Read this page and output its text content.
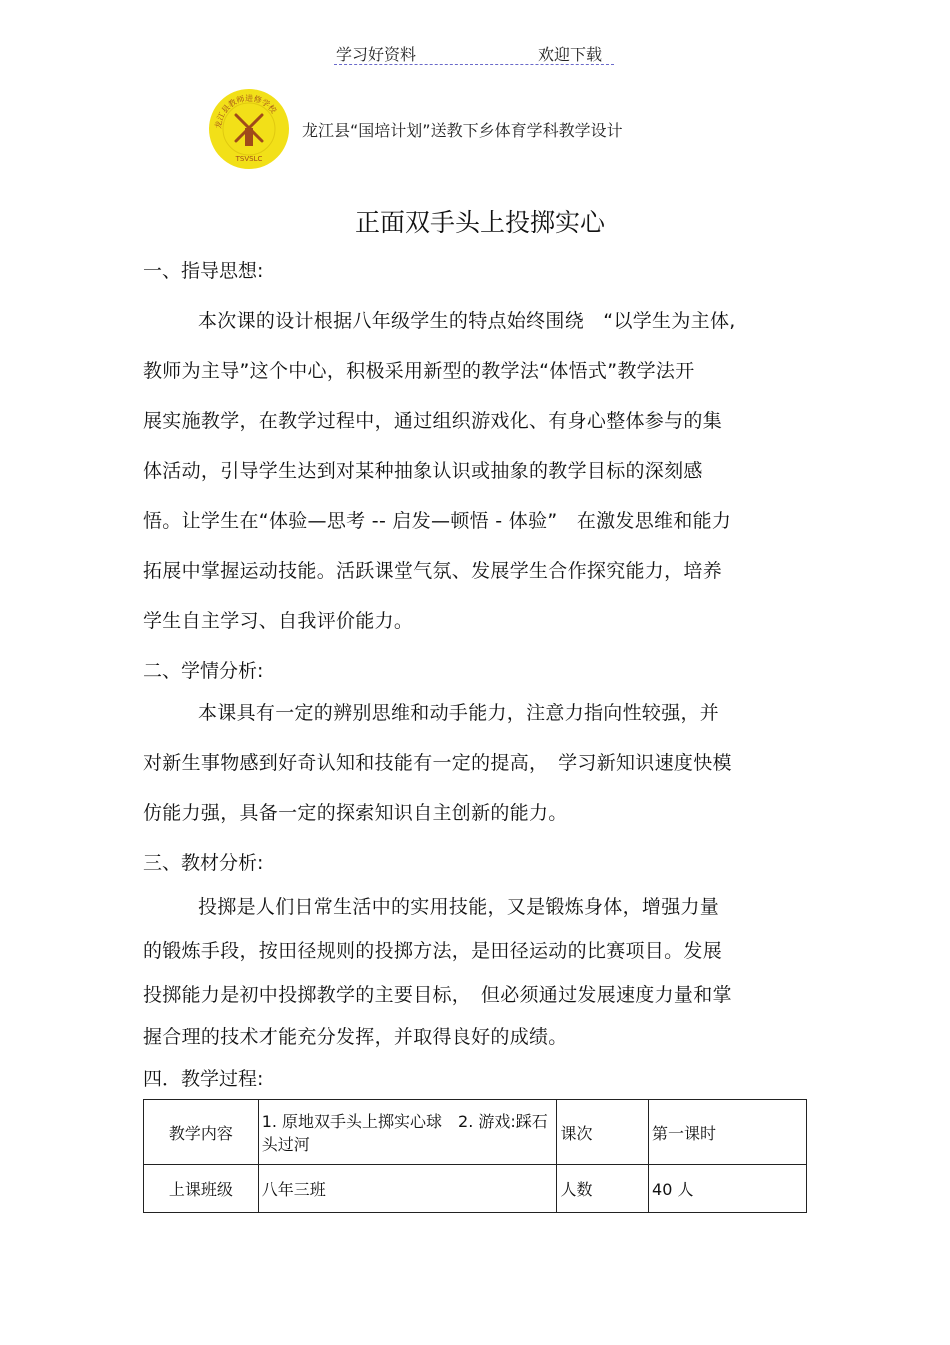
学习好资料	欢迎下载
龙江县教师进修学校
TSVSLC
龙江县“国培计划”送教下乡体育学科教学设计
正面双手头上投掷实心
一、指导思想:
本次课的设计根据八年级学生的特点始终围绕　“以学生为主体,
教师为主导”这个中心，积极采用新型的教学法“体悟式”教学法开
展实施教学，在教学过程中，通过组织游戏化、有身心整体参与的集
体活动，引导学生达到对某种抽象认识或抽象的教学目标的深刻感
悟。让学生在“体验—思考 -- 启发—顿悟 - 体验”　在激发思维和能力
拓展中掌握运动技能。活跃课堂气氛、发展学生合作探究能力，培养
学生自主学习、自我评价能力。
二、学情分析:
本课具有一定的辨别思维和动手能力，注意力指向性较强，并
对新生事物感到好奇认知和技能有一定的提高，　学习新知识速度快模
仿能力强，具备一定的探索知识自主创新的能力。
三、教材分析:
投掷是人们日常生活中的实用技能，又是锻炼身体，增强力量
的锻炼手段，按田径规则的投掷方法，是田径运动的比赛项目。发展
投掷能力是初中投掷教学的主要目标，　但必须通过发展速度力量和掌
握合理的技术才能充分发挥，并取得良好的成绩。
四．教学过程:
教学内容	1. 原地双手头上掷实心球　2. 游戏:踩石头过河	课次	第一课时
上课班级	八年三班	人数	40 人
